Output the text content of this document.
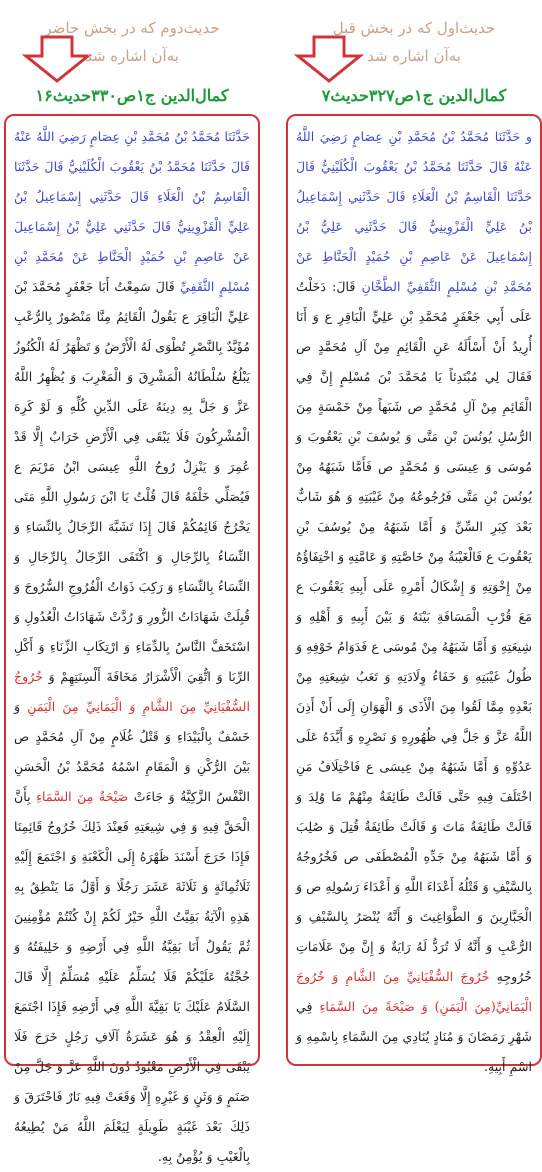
حدیث‌اول که در بخش قبل
به‌آن اشاره شد
کمال‌الدین ج۱ص۳۲۷حدیث۷
و حَدَّثَنَا مُحَمَّدُ بْنُ مُحَمَّدِ بْنِ عِصَامٍ رَضِيَ اللَّهُ عَنْهُ قَالَ حَدَّثَنَا مُحَمَّدُ بْنُ يَعْقُوبَ الْكُلَيْنِيُّ قَالَ حَدَّثَنَا الْقَاسِمُ بْنُ الْعَلَاءِ قَالَ حَدَّثَنِي إِسْمَاعِيلُ بْنُ عَلِيٍّ الْقَزْوِينِيُّ قَالَ حَدَّثَنِي عَلِيُّ بْنُ إِسْمَاعِيلَ عَنْ عَاصِمِ بْنِ حُمَيْدٍ الْحَنَّاطِ عَنْ مُحَمَّدِ بْنِ مُسْلِمٍ الثَّقَفِيِّ الطَّحَّانِ قَالَ: دَخَلْتُ عَلَى أَبِي جَعْفَرٍ مُحَمَّدِ بْنِ عَلِيٍّ الْبَاقِرِ ع وَ أَنَا أُرِيدُ أَنْ أَسْأَلَهُ عَنِ الْقَائِمِ مِنْ آلِ مُحَمَّدٍ ص فَقَالَ لِي مُبْتَدِئاً يَا مُحَمَّدَ بْنَ مُسْلِمٍ إِنَّ فِي الْقَائِمِ مِنْ آلِ مُحَمَّدٍ ص شَبَهاً مِنْ خَمْسَةٍ مِنَ الرُّسُلِ يُونُسَ بْنِ مَتَّى وَ يُوسُفَ بْنِ يَعْقُوبَ وَ مُوسَى وَ عِيسَى وَ مُحَمَّدٍ ص فَأَمَّا شَبَهُهُ مِنْ يُونُسَ بْنِ مَتَّى فَرُجُوعُهُ مِنْ غَيْبَتِهِ وَ هُوَ شَابٌّ بَعْدَ كِبَرِ السِّنِّ وَ أَمَّا شَبَهُهُ مِنْ يُوسُفَ بْنِ يَعْقُوبَ ع فَالْغَيْبَةُ مِنْ خَاصَّتِهِ وَ عَامَّتِهِ وَ اخْتِفَاؤُهُ مِنْ إِخْوَتِهِ وَ إِشْكَالُ أَمْرِهِ عَلَى أَبِيهِ يَعْقُوبَ ع مَعَ قُرْبِ الْمَسَافَةِ بَيْنَهُ وَ بَيْنَ أَبِيهِ وَ أَهْلِهِ وَ شِيعَتِهِ وَ أَمَّا شَبَهُهُ مِنْ مُوسَى ع فَدَوَامُ خَوْفِهِ وَ طُولُ غَيْبَتِهِ وَ خَفَاءُ وِلَادَتِهِ وَ تَعَبُ شِيعَتِهِ مِنْ بَعْدِهِ مِمَّا لَقُوا مِنَ الْأَذَى وَ الْهَوَانِ إِلَى أَنْ أَذِنَ اللَّهُ عَزَّ وَ جَلَّ فِي ظُهُورِهِ وَ نَصْرِهِ وَ أَيَّدَهُ عَلَى عَدُوِّهِ وَ أَمَّا شَبَهُهُ مِنْ عِيسَى ع فَاخْتِلَافُ مَنِ اخْتَلَفَ فِيهِ حَتَّى قَالَتْ طَائِفَةٌ مِنْهُمْ مَا وُلِدَ وَ قَالَتْ طَائِفَةٌ مَاتَ وَ قَالَتْ طَائِفَةٌ قُتِلَ وَ صُلِبَ وَ أَمَّا شَبَهُهُ مِنْ جَدِّهِ الْمُصْطَفَى ص فَخُرُوجُهُ بِالسَّيْفِ وَ قَتْلُهُ أَعْدَاءَ اللَّهِ وَ أَعْدَاءَ رَسُولِهِ ص وَ الْجَبَّارِينَ وَ الطَّوَاغِيتَ وَ أَنَّهُ يُنْصَرُ بِالسَّيْفِ وَ الرُّعْبِ وَ أَنَّهُ لَا تُرَدُّ لَهُ رَايَةٌ وَ إِنَّ مِنْ عَلَامَاتِ خُرُوجِهِ خُرُوجَ السُّفْيَانِيِّ مِنَ الشَّامِ وَ خُرُوجَ الْيَمَانِيِّ(مِنَ الْيَمَنِ) وَ صَيْحَةً مِنَ السَّمَاءِ فِي شَهْرِ رَمَضَانَ وَ مُنَادٍ يُنَادِي مِنَ السَّمَاءِ بِاسْمِهِ وَ اسْمِ أَبِيهِ.
حدیث‌دوم که در بخش حاضر
به‌آن اشاره شد
کمال‌الدین ج۱ص۳۳۰حدیث۱۶
حَدَّثَنَا مُحَمَّدُ بْنُ مُحَمَّدِ بْنِ عِصَامٍ رَضِيَ اللَّهُ عَنْهُ قَالَ حَدَّثَنَا مُحَمَّدُ بْنُ يَعْقُوبَ الْكُلَيْنِيُّ قَالَ حَدَّثَنَا الْقَاسِمُ بْنُ الْعَلَاءِ قَالَ حَدَّثَنِي إِسْمَاعِيلُ بْنُ عَلِيٍّ الْقَزْوِينِيُّ قَالَ حَدَّثَنِي عَلِيُّ بْنُ إِسْمَاعِيلَ عَنْ عَاصِمِ بْنِ حُمَيْدٍ الْحَنَّاطِ عَنْ مُحَمَّدِ بْنِ مُسْلِمٍ الثَّقَفِيِّ قَالَ سَمِعْتُ أَبَا جَعْفَرٍ مُحَمَّدَ بْنَ عَلِيٍّ الْبَاقِرَ ع يَقُولُ الْقَائِمُ مِنَّا مَنْصُورٌ بِالرُّعْبِ مُؤَيَّدٌ بِالنَّصْرِ تُطْوَى لَهُ الْأَرْضُ وَ تَظْهَرُ لَهُ الْكُنُوزُ يَبْلُغُ سُلْطَانُهُ الْمَشْرِقَ وَ الْمَغْرِبَ وَ يُظْهِرُ اللَّهُ عَزَّ وَ جَلَّ بِهِ دِينَهُ عَلَى الدِّينِ كُلِّهِ وَ لَوْ كَرِهَ الْمُشْرِكُونَ فَلَا يَبْقَى فِي الْأَرْضِ خَرَابٌ إِلَّا قَدْ عُمِرَ وَ يَنْزِلُ رُوحُ اللَّهِ عِيسَى ابْنُ مَرْيَمَ ع فَيُصَلِّي خَلْفَهُ قَالَ قُلْتُ يَا ابْنَ رَسُولِ اللَّهِ مَتَى يَخْرُجُ قَائِمُكُمْ قَالَ إِذَا تَشَبَّهَ الرِّجَالُ بِالنِّسَاءِ وَ النِّسَاءُ بِالرِّجَالِ وَ اكْتَفَى الرِّجَالُ بِالرِّجَالِ وَ النِّسَاءُ بِالنِّسَاءِ وَ رَكِبَ ذَوَاتُ الْفُرُوجِ السُّرُوجَ وَ قُبِلَتْ شَهَادَاتُ الزُّورِ وَ رُدَّتْ شَهَادَاتُ الْعُدُولِ وَ اسْتَخَفَّ النَّاسُ بِالدِّمَاءِ وَ ارْتِكَابِ الزِّنَاءِ وَ أَكْلِ الرِّبَا وَ اتُّقِيَ الْأَشْرَارُ مَخَافَةَ أَلْسِنَتِهِمْ وَ خُرُوجُ السُّفْيَانِيِّ مِنَ الشَّامِ وَ الْيَمَانِيِّ مِنَ الْيَمَنِ وَ خَسْفٌ بِالْبَيْدَاءِ وَ قَتْلُ غُلَامٍ مِنْ آلِ مُحَمَّدٍ ص بَيْنَ الرُّكْنِ وَ الْمَقَامِ اسْمُهُ مُحَمَّدُ بْنُ الْحَسَنِ النَّفْسُ الزَّكِيَّةُ وَ جَاءَتْ صَيْحَةٌ مِنَ السَّمَاءِ بِأَنَّ الْحَقَّ فِيهِ وَ فِي شِيعَتِهِ فَعِنْدَ ذَلِكَ خُرُوجُ قَائِمِنَا فَإِذَا خَرَجَ أَسْنَدَ ظَهْرَهُ إِلَى الْكَعْبَةِ وَ اجْتَمَعَ إِلَيْهِ ثَلَاثُمِائَةٍ وَ ثَلَاثَةَ عَشَرَ رَجُلًا وَ أَوَّلُ مَا يَنْطِقُ بِهِ هَذِهِ الْآيَةُ بَقِيَّتُ اللَّهِ خَيْرٌ لَكُمْ إِنْ كُنْتُمْ مُؤْمِنِينَ ثُمَّ يَقُولُ أَنَا بَقِيَّةُ اللَّهِ فِي أَرْضِهِ وَ خَلِيفَتُهُ وَ حُجَّتُهُ عَلَيْكُمْ فَلَا يُسَلِّمُ عَلَيْهِ مُسَلِّمٌ إِلَّا قَالَ السَّلَامُ عَلَيْكَ يَا بَقِيَّةَ اللَّهِ فِي أَرْضِهِ فَإِذَا اجْتَمَعَ إِلَيْهِ الْعِقْدُ وَ هُوَ عَشَرَةُ آلَافِ رَجُلٍ خَرَجَ فَلَا يَبْقَى فِي الْأَرْضِ مَعْبُودٌ دُونَ اللَّهِ عَزَّ وَ جَلَّ مِنْ صَنَمٍ وَ وَثَنٍ وَ غَيْرِهِ إِلَّا وَقَعَتْ فِيهِ نَارٌ فَاحْتَرَقَ وَ ذَلِكَ بَعْدَ غَيْبَةٍ طَوِيلَةٍ لِيَعْلَمَ اللَّهُ مَنْ يُطِيعُهُ بِالْغَيْبِ وَ يُؤْمِنُ بِهِ.
